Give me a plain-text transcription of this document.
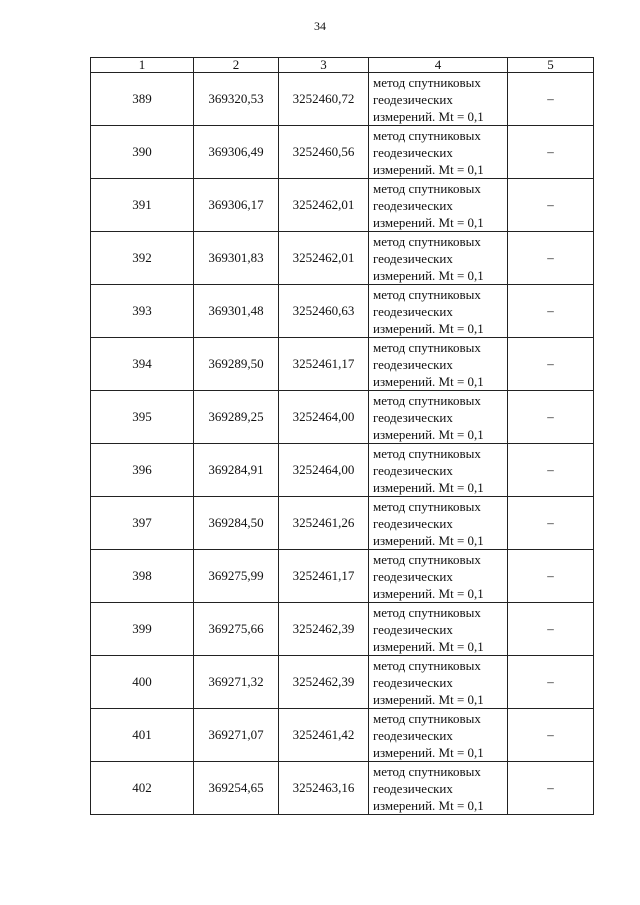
34
1	2	3	4	5
389	369320,53	3252460,72	метод спутниковых
геодезических
измерений. Mt = 0,1	–
390	369306,49	3252460,56	метод спутниковых
геодезических
измерений. Mt = 0,1	–
391	369306,17	3252462,01	метод спутниковых
геодезических
измерений. Mt = 0,1	–
392	369301,83	3252462,01	метод спутниковых
геодезических
измерений. Mt = 0,1	–
393	369301,48	3252460,63	метод спутниковых
геодезических
измерений. Mt = 0,1	–
394	369289,50	3252461,17	метод спутниковых
геодезических
измерений. Mt = 0,1	–
395	369289,25	3252464,00	метод спутниковых
геодезических
измерений. Mt = 0,1	–
396	369284,91	3252464,00	метод спутниковых
геодезических
измерений. Mt = 0,1	–
397	369284,50	3252461,26	метод спутниковых
геодезических
измерений. Mt = 0,1	–
398	369275,99	3252461,17	метод спутниковых
геодезических
измерений. Mt = 0,1	–
399	369275,66	3252462,39	метод спутниковых
геодезических
измерений. Mt = 0,1	–
400	369271,32	3252462,39	метод спутниковых
геодезических
измерений. Mt = 0,1	–
401	369271,07	3252461,42	метод спутниковых
геодезических
измерений. Mt = 0,1	–
402	369254,65	3252463,16	метод спутниковых
геодезических
измерений. Mt = 0,1	–
